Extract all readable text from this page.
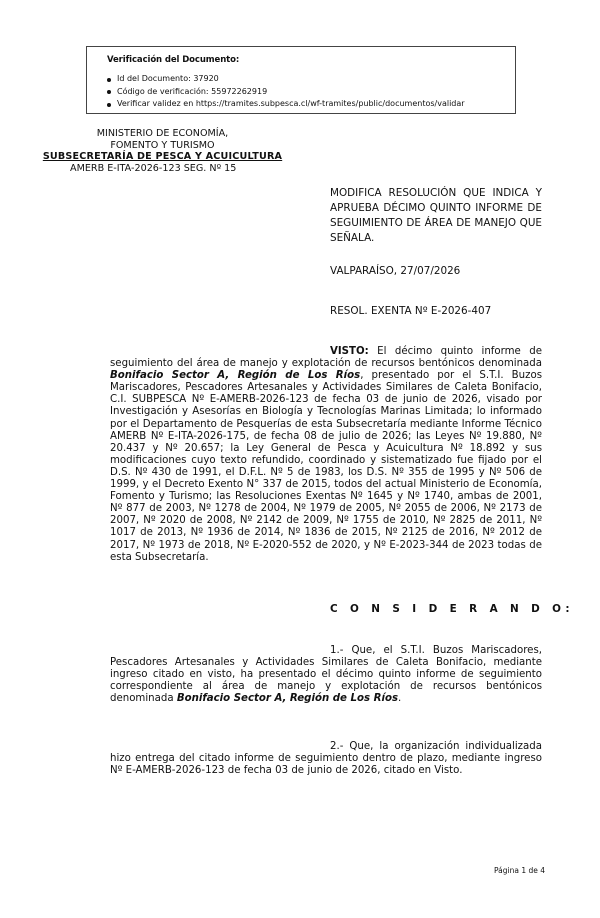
Verificación del Documento:
Id del Documento: 37920
Código de verificación: 55972262919
Verificar validez en https://tramites.subpesca.cl/wf-tramites/public/documentos/validar
MINISTERIO DE ECONOMÍA,
FOMENTO Y TURISMO
SUBSECRETARÍA DE PESCA Y ACUICULTURA
AMERB E-ITA-2026-123 SEG. Nº 15
MODIFICA RESOLUCIÓN QUE INDICA Y APRUEBA DÉCIMO QUINTO INFORME DE SEGUIMIENTO DE ÁREA DE MANEJO QUE SEÑALA.
VALPARAÍSO, 27/07/2026
RESOL. EXENTA Nº E-2026-407

VISTO: El décimo quinto informe de seguimiento del área de manejo y explotación de recursos bentónicos denominada Bonifacio Sector A, Región de Los Ríos, presentado por el S.T.I. Buzos Mariscadores, Pescadores Artesanales y Actividades Similares de Caleta Bonifacio, C.I. SUBPESCA Nº E-AMERB-2026-123 de fecha 03 de junio de 2026, visado por Investigación y Asesorías en Biología y Tecnologías Marinas Limitada; lo informado por el Departamento de Pesquerías de esta Subsecretaría mediante Informe Técnico AMERB Nº E-ITA-2026-175, de fecha 08 de julio de 2026; las Leyes Nº 19.880, Nº 20.437 y Nº 20.657; la Ley General de Pesca y Acuicultura Nº 18.892 y sus modificaciones cuyo texto refundido, coordinado y sistematizado fue fijado por el D.S. Nº 430 de 1991, el D.F.L. Nº 5 de 1983, los D.S. Nº 355 de 1995 y Nº 506 de 1999, y el Decreto Exento N° 337 de 2015, todos del actual Ministerio de Economía, Fomento y Turismo; las Resoluciones Exentas Nº 1645 y Nº 1740, ambas de 2001, Nº 877 de 2003, Nº 1278 de 2004, Nº 1979 de 2005, Nº 2055 de 2006, Nº 2173 de 2007, Nº 2020 de 2008, Nº 2142 de 2009, Nº 1755 de 2010, Nº 2825 de 2011, Nº 1017 de 2013, Nº 1936 de 2014, Nº 1836 de 2015, Nº 2125 de 2016, Nº 2012 de 2017, Nº 1973 de 2018, Nº E-2020-552 de 2020, y Nº E-2023-344 de 2023 todas de esta Subsecretaría.

C O N S I D E R A N D O:

1.- Que, el S.T.I. Buzos Mariscadores, Pescadores Artesanales y Actividades Similares de Caleta Bonifacio, mediante ingreso citado en visto, ha presentado el décimo quinto informe de seguimiento correspondiente al área de manejo y explotación de recursos bentónicos denominada Bonifacio Sector A, Región de Los Ríos.

2.- Que, la organización individualizada hizo entrega del citado informe de seguimiento dentro de plazo, mediante ingreso Nº E-AMERB-2026-123 de fecha 03 de junio de 2026, citado en Visto.

Página 1 de 4
